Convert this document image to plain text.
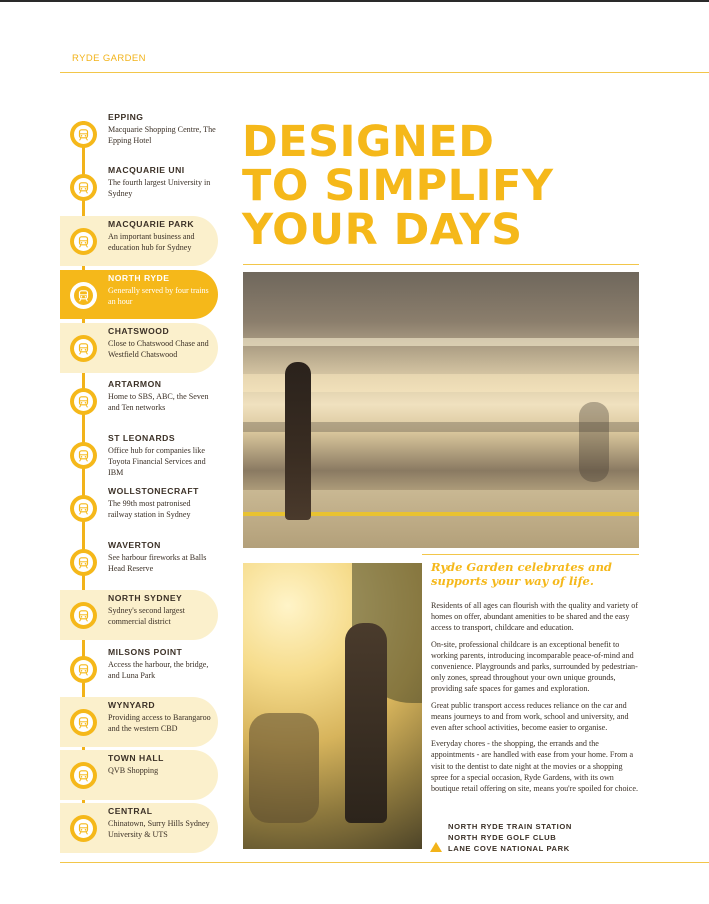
RYDE GARDEN
EPPING
Macquarie Shopping Centre, The Epping Hotel
MACQUARIE UNI
The fourth largest University in Sydney
MACQUARIE PARK
An important business and education hub for Sydney
NORTH RYDE
Generally served by four trains an hour
CHATSWOOD
Close to Chatswood Chase and Westfield Chatswood
ARTARMON
Home to SBS, ABC, the Seven and Ten networks
ST LEONARDS
Office hub for companies like Toyota Financial Services and IBM
WOLLSTONECRAFT
The 99th most patronised railway station in Sydney
WAVERTON
See harbour fireworks at Balls Head Reserve
NORTH SYDNEY
Sydney's second largest commercial district
MILSONS POINT
Access the harbour, the bridge, and Luna Park
WYNYARD
Providing access to Barangaroo and the western CBD
TOWN HALL
QVB Shopping
CENTRAL
Chinatown, Surry Hills Sydney University & UTS
DESIGNED
TO SIMPLIFY
YOUR DAYS
Ryde Garden celebrates and supports your way of life.

Residents of all ages can flourish with the quality and variety of homes on offer, abundant amenities to be shared and the easy access to transport, childcare and education.

On-site, professional childcare is an exceptional benefit to working parents, introducing incomparable peace-of-mind and convenience. Playgrounds and parks, surrounded by pedestrian-only zones, spread throughout your own unique grounds, providing safe spaces for games and exploration.

Great public transport access reduces reliance on the car and means journeys to and from work, school and university, and even after school activities, become easier to organise.

Everyday chores - the shopping, the errands and the appointments - are handled with ease from your home. From a visit to the dentist to date night at the movies or a shopping spree for a special occasion, Ryde Gardens, with its own boutique retail offering on site, means you're spoiled for choice.

NORTH RYDE TRAIN STATION
NORTH RYDE GOLF CLUB
LANE COVE NATIONAL PARK
